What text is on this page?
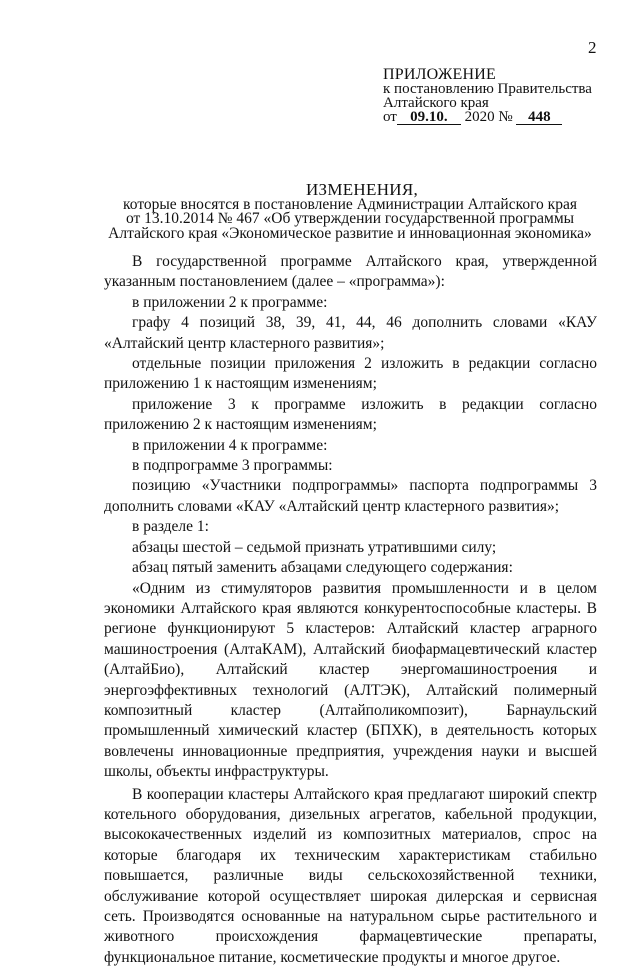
2
ПРИЛОЖЕНИЕ
к постановлению Правительства
Алтайского края
от 09.10. 2020 № 448
ИЗМЕНЕНИЯ,
которые вносятся в постановление Администрации Алтайского края
от 13.10.2014 № 467 «Об утверждении государственной программы
Алтайского края «Экономическое развитие и инновационная экономика»

В государственной программе Алтайского края, утвержденной указанным постановлением (далее – «программа»):

в приложении 2 к программе:

графу 4 позиций 38, 39, 41, 44, 46 дополнить словами «КАУ «Алтайский центр кластерного развития»;

отдельные позиции приложения 2 изложить в редакции согласно приложению 1 к настоящим изменениям;

приложение 3 к программе изложить в редакции согласно приложению 2 к настоящим изменениям;

в приложении 4 к программе:

в подпрограмме 3 программы:

позицию «Участники подпрограммы» паспорта подпрограммы 3 дополнить словами «КАУ «Алтайский центр кластерного развития»;

в разделе 1:

абзацы шестой – седьмой признать утратившими силу;

абзац пятый заменить абзацами следующего содержания:

«Одним из стимуляторов развития промышленности и в целом экономики Алтайского края являются конкурентоспособные кластеры. В регионе функционируют 5 кластеров: Алтайский кластер аграрного машиностроения (АлтаКАМ), Алтайский биофармацевтический кластер (АлтайБио), Алтайский кластер энергомашиностроения и энергоэффективных технологий (АЛТЭК), Алтайский полимерный композитный кластер (Алтайполикомпозит), Барнаульский промышленный химический кластер (БПХК), в деятельность которых вовлечены инновационные предприятия, учреждения науки и высшей школы, объекты инфраструктуры.

В кооперации кластеры Алтайского края предлагают широкий спектр котельного оборудования, дизельных агрегатов, кабельной продукции, высококачественных изделий из композитных материалов, спрос на которые благодаря их техническим характеристикам стабильно повышается, различные виды сельскохозяйственной техники, обслуживание которой осуществляет широкая дилерская и сервисная сеть. Производятся основанные на натуральном сырье растительного и животного происхождения фармацевтические препараты, функциональное питание, косметические продукты и многое другое.
